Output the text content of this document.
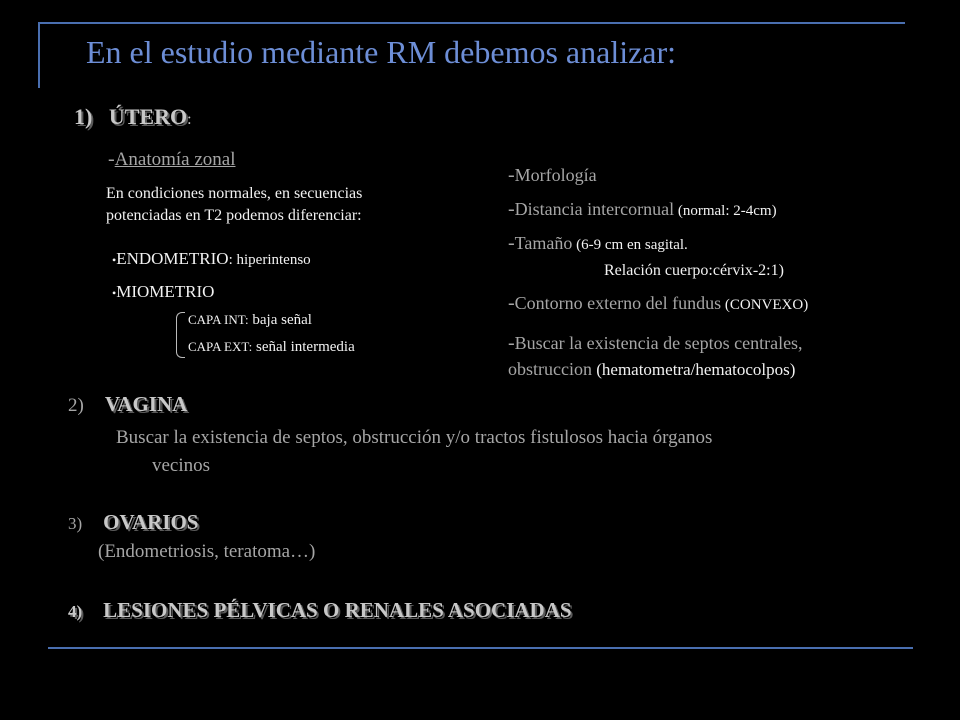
En el estudio mediante RM debemos analizar:
1) ÚTERO:
-Anatomía zonal
En condiciones normales, en secuencias
potenciadas en T2 podemos diferenciar:
•ENDOMETRIO: hiperintenso
•MIOMETRIO
CAPA INT: baja señal
CAPA EXT: señal intermedia
-Morfología
-Distancia intercornual (normal: 2-4cm)
-Tamaño (6-9 cm en sagital.
Relación cuerpo:cérvix-2:1)
-Contorno externo del fundus (CONVEXO)
-Buscar la existencia de septos centrales,
obstruccion (hematometra/hematocolpos)
2) VAGINA
Buscar la existencia de septos, obstrucción y/o tractos fistulosos hacia órganos
vecinos
3) OVARIOS
(Endometriosis, teratoma…)
4) LESIONES PÉLVICAS O RENALES ASOCIADAS
